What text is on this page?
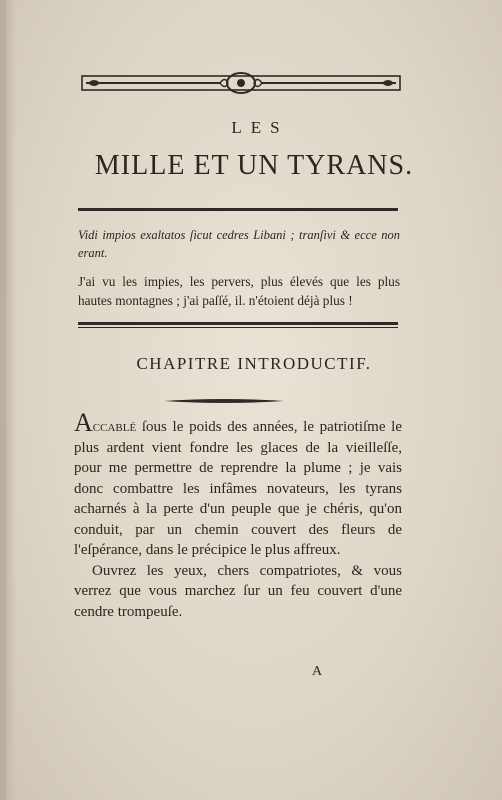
LES
MILLE ET UN TYRANS.
Vidi impios exaltatos ſicut cedres Libani ; tranſivi & ecce non erant.
J'ai vu les impies, les pervers, plus élevés que les plus hautes montagnes ; j'ai paſſé, il. n'étoient déjà plus !
CHAPITRE INTRODUCTIF.

Accablé ſous le poids des années, le patriotiſme le plus ardent vient fondre les glaces de la vieilleſſe, pour me permettre de reprendre la plume ; je vais donc combattre les infâmes novateurs, les tyrans acharnés à la perte d'un peuple que je chéris, qu'on conduit, par un chemin couvert des fleurs de l'eſpérance, dans le précipice le plus affreux.

Ouvrez les yeux, chers compatriotes, & vous verrez que vous marchez ſur un feu couvert d'une cendre trompeuſe.

A
